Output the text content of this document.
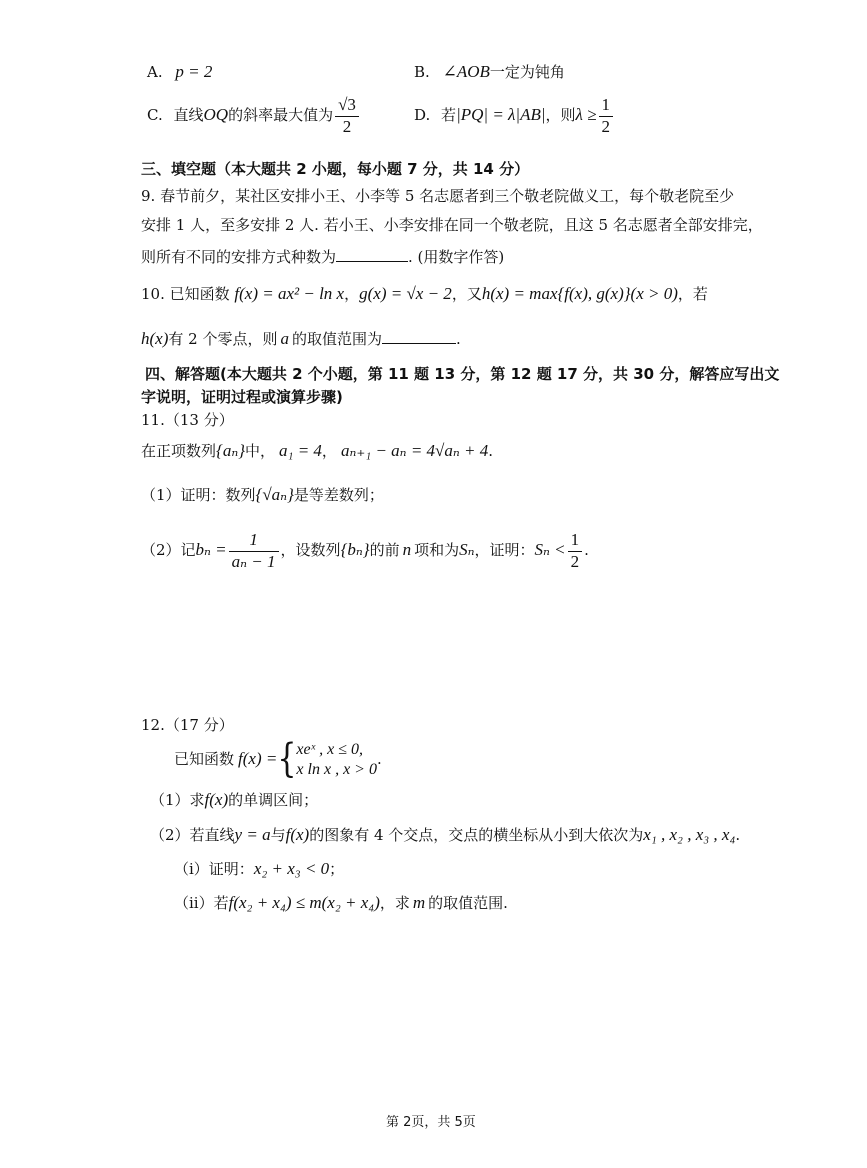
A. p = 2	B. ∠AOB一定为钝角
C. 直线OQ的斜率最大值为 $\frac{√3}{2}$	D. 若|PQ| = λ|AB|，则$\lambda \ge \frac{1}{2}$
三、填空题（本大题共 2 小题，每小题 7 分，共 14 分）
9. 春节前夕，某社区安排小王、小李等 5 名志愿者到三个敬老院做义工，每个敬老院至少
安排 1 人，至多安排 2 人. 若小王、小李安排在同一个敬老院，且这 5 名志愿者全部安排完，
则所有不同的安排方式种数为	. (用数字作答)
10. 已知函数 f(x) = ax² − ln x，g(x) = √x − 2，又h(x) = max{f(x), g(x)}(x > 0)，若
h(x)有 2 个零点，则 a 的取值范围为	.
四、解答题(本大题共 2 个小题，第 11 题 13 分，第 12 题 17 分，共 30 分，解答应写出文
字说明，证明过程或演算步骤)
11.（13 分）
在正项数列{aₙ}中， a₁ = 4， aₙ₊₁ − aₙ = 4√aₙ + 4.
（1）证明：数列{√aₙ}是等差数列；
（2）记$b_n = \frac{1}{\text{aₙ − 1}}$ ，设数列{bₙ}的前 n 项和为Sₙ，证明：$S_n < \frac{1}{2}$ .
12.（17 分）
已知函数 f(x) ={ xeˣ , x ≤ 0,
x ln x , x > 0
.
（1）求f(x)的单调区间；
（2）若直线y = a与f(x)的图象有 4 个交点，交点的横坐标从小到大依次为x₁ , x₂ , x₃ , x₄.
（i）证明：x₂ + x₃ < 0；
（ii）若f(x₂ + x₄) ≤ m(x₂ + x₄)，求 m 的取值范围.
第 2页，共 5页
